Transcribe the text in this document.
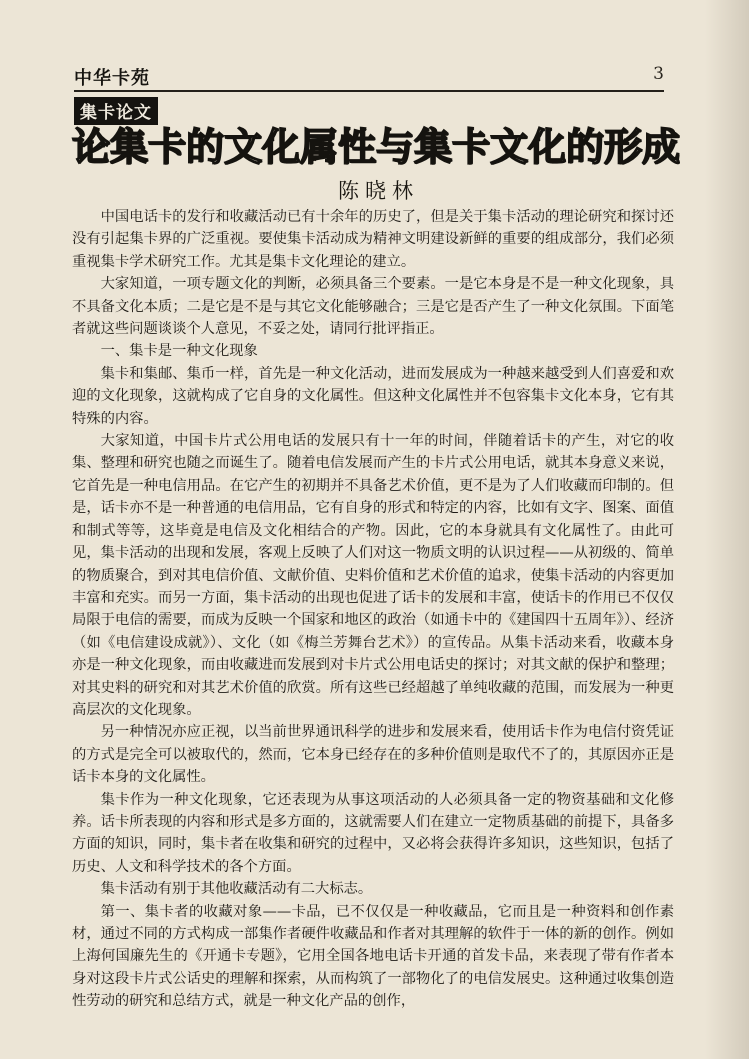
中华卡苑	3
集卡论文
论集卡的文化属性与集卡文化的形成
陈晓林

中国电话卡的发行和收藏活动已有十余年的历史了，但是关于集卡活动的理论研究和探讨还没有引起集卡界的广泛重视。要使集卡活动成为精神文明建设新鲜的重要的组成部分，我们必须重视集卡学术研究工作。尤其是集卡文化理论的建立。

大家知道，一项专题文化的判断，必须具备三个要素。一是它本身是不是一种文化现象，具不具备文化本质；二是它是不是与其它文化能够融合；三是它是否产生了一种文化氛围。下面笔者就这些问题谈谈个人意见，不妥之处，请同行批评指正。

一、集卡是一种文化现象

集卡和集邮、集币一样，首先是一种文化活动，进而发展成为一种越来越受到人们喜爱和欢迎的文化现象，这就构成了它自身的文化属性。但这种文化属性并不包容集卡文化本身，它有其特殊的内容。

大家知道，中国卡片式公用电话的发展只有十一年的时间，伴随着话卡的产生，对它的收集、整理和研究也随之而诞生了。随着电信发展而产生的卡片式公用电话，就其本身意义来说，它首先是一种电信用品。在它产生的初期并不具备艺术价值，更不是为了人们收藏而印制的。但是，话卡亦不是一种普通的电信用品，它有自身的形式和特定的内容，比如有文字、图案、面值和制式等等，这毕竟是电信及文化相结合的产物。因此，它的本身就具有文化属性了。由此可见，集卡活动的出现和发展，客观上反映了人们对这一物质文明的认识过程——从初级的、简单的物质聚合，到对其电信价值、文献价值、史料价值和艺术价值的追求，使集卡活动的内容更加丰富和充实。而另一方面，集卡活动的出现也促进了话卡的发展和丰富，使话卡的作用已不仅仅局限于电信的需要，而成为反映一个国家和地区的政治（如通卡中的《建国四十五周年》）、经济（如《电信建设成就》）、文化（如《梅兰芳舞台艺术》）的宣传品。从集卡活动来看，收藏本身亦是一种文化现象，而由收藏进而发展到对卡片式公用电话史的探讨；对其文献的保护和整理；对其史料的研究和对其艺术价值的欣赏。所有这些已经超越了单纯收藏的范围，而发展为一种更高层次的文化现象。

另一种情况亦应正视，以当前世界通讯科学的进步和发展来看，使用话卡作为电信付资凭证的方式是完全可以被取代的，然而，它本身已经存在的多种价值则是取代不了的，其原因亦正是话卡本身的文化属性。

集卡作为一种文化现象，它还表现为从事这项活动的人必须具备一定的物资基础和文化修养。话卡所表现的内容和形式是多方面的，这就需要人们在建立一定物质基础的前提下，具备多方面的知识，同时，集卡者在收集和研究的过程中，又必将会获得许多知识，这些知识，包括了历史、人文和科学技术的各个方面。

集卡活动有别于其他收藏活动有二大标志。

第一、集卡者的收藏对象——卡品，已不仅仅是一种收藏品，它而且是一种资料和创作素材，通过不同的方式构成一部集作者硬件收藏品和作者对其理解的软件于一体的新的创作。例如上海何国廉先生的《开通卡专题》，它用全国各地电话卡开通的首发卡品，来表现了带有作者本身对这段卡片式公话史的理解和探索，从而构筑了一部物化了的电信发展史。这种通过收集创造性劳动的研究和总结方式，就是一种文化产品的创作，
